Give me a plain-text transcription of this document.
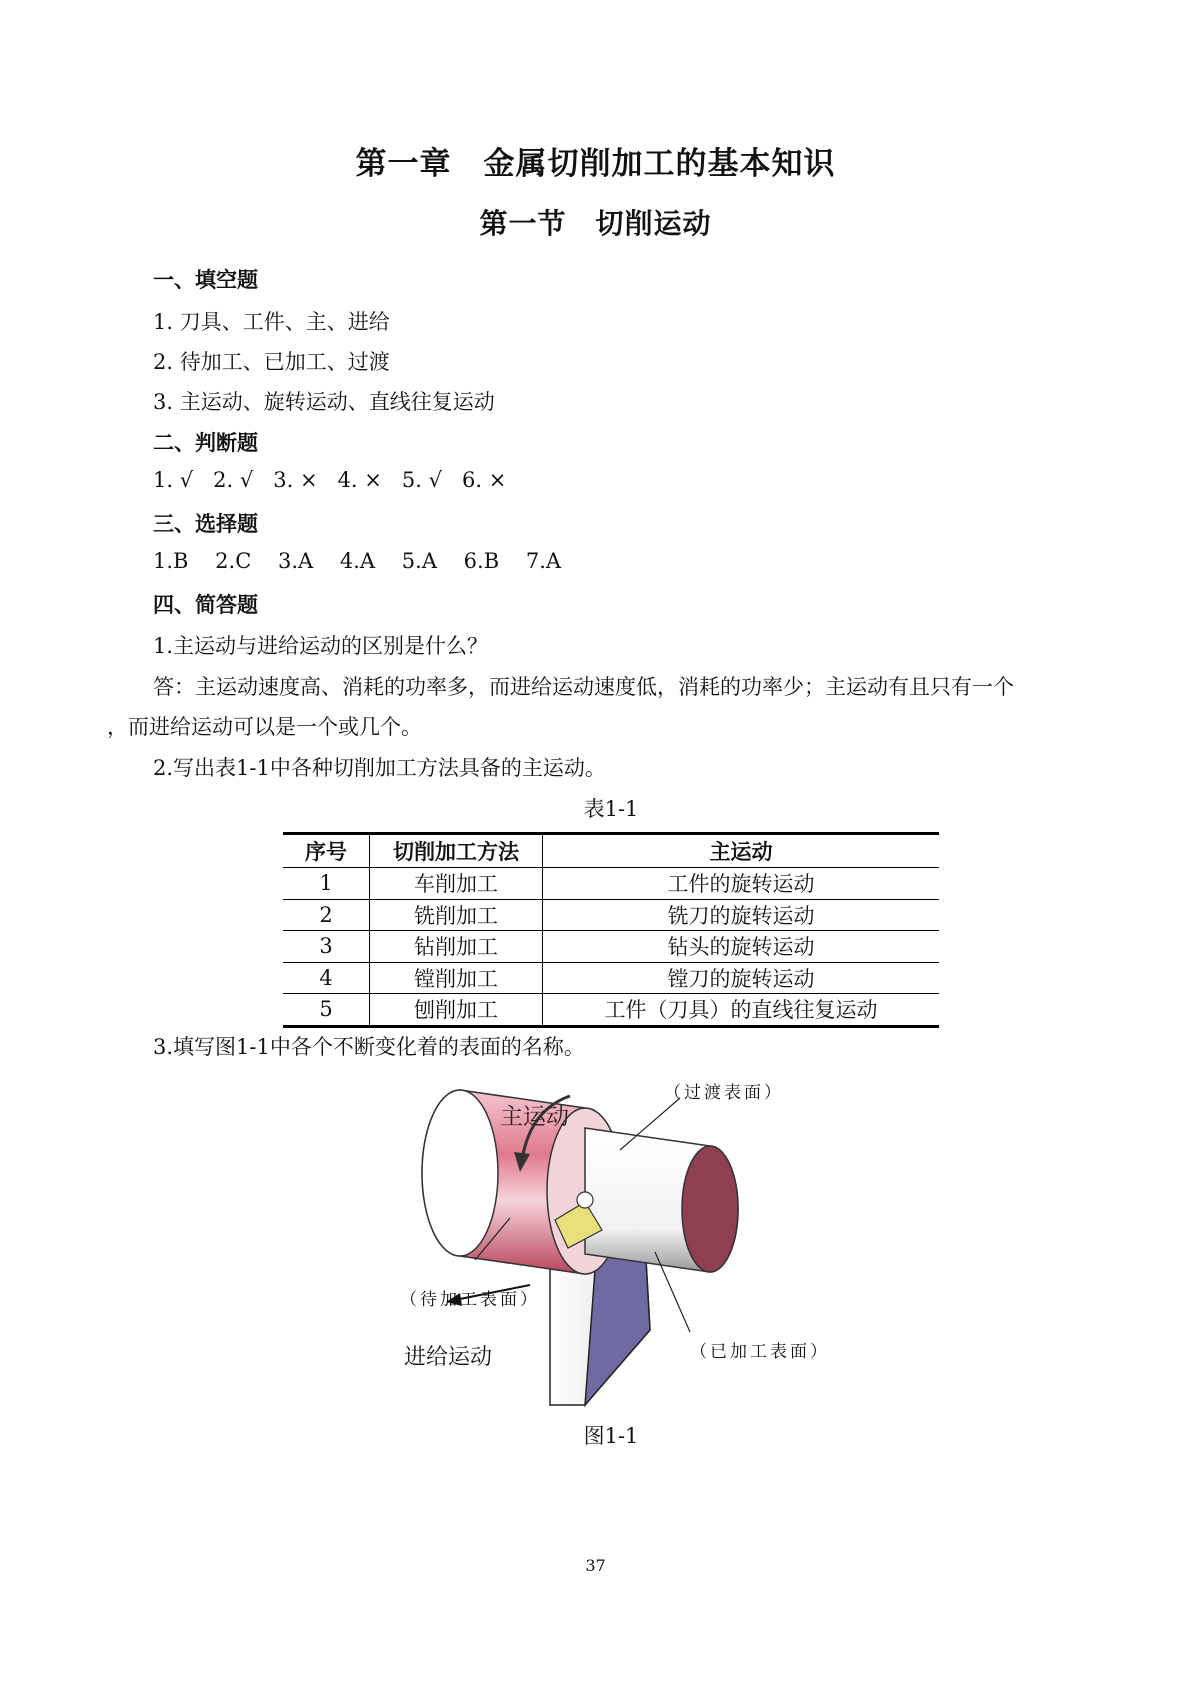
第一章　金属切削加工的基本知识
第一节　切削运动
一、填空题
1. 刀具、工件、主、进给
2. 待加工、已加工、过渡
3. 主运动、旋转运动、直线往复运动
二、判断题
1. √   2. √   3. ×   4. ×   5. √   6. ×
三、选择题
1.B    2.C    3.A    4.A    5.A    6.B    7.A
四、简答题
1.主运动与进给运动的区别是什么？
答：主运动速度高、消耗的功率多，而进给运动速度低，消耗的功率少；主运动有且只有一个
，而进给运动可以是一个或几个。
2.写出表1-1中各种切削加工方法具备的主运动。
表1-1
序号	切削加工方法	主运动
1	车削加工	工件的旋转运动
2	铣削加工	铣刀的旋转运动
3	钻削加工	钻头的旋转运动
4	镗削加工	镗刀的旋转运动
5	刨削加工	工件（刀具）的直线往复运动
3.填写图1-1中各个不断变化着的表面的名称。
主运动
（过渡表面）
（待加工表面）
（已加工表面）
进给运动
图1-1
37
